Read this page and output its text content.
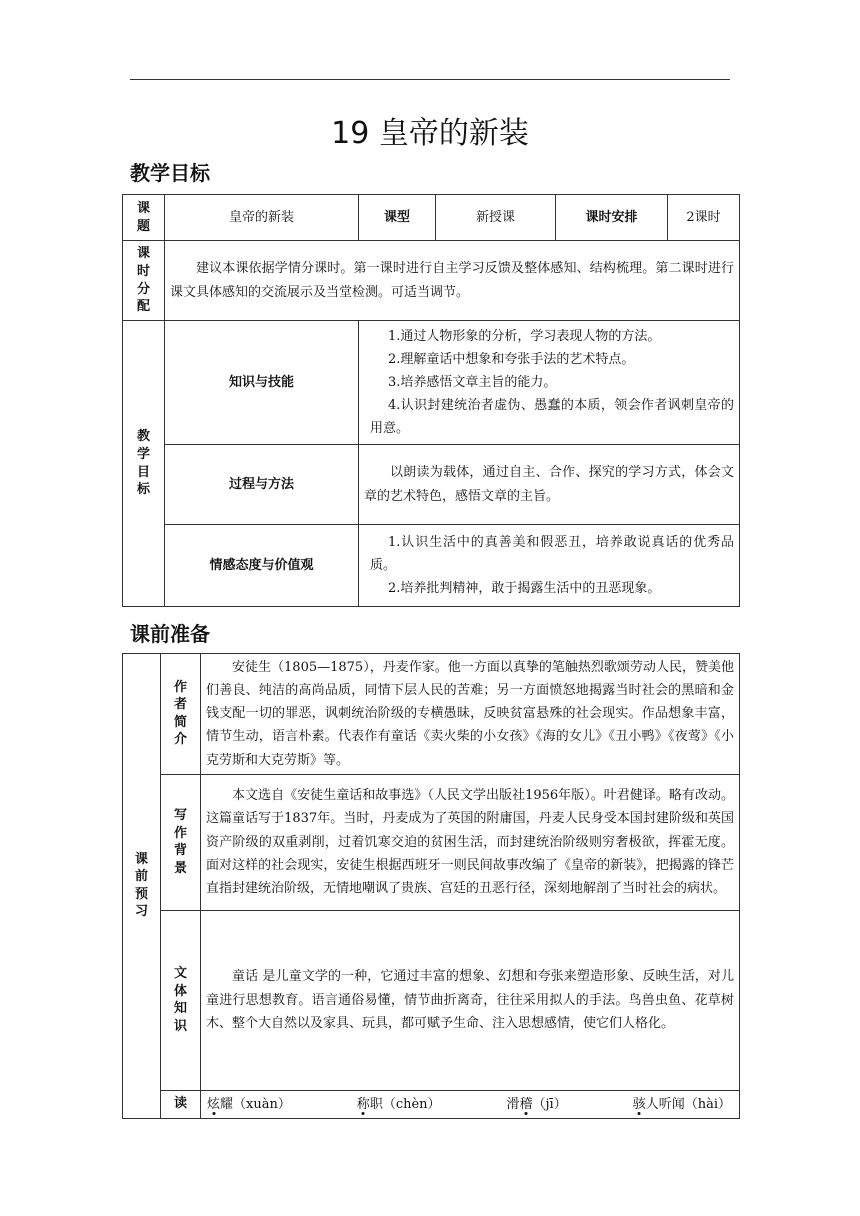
19 皇帝的新装
教学目标
课题	皇帝的新装	课型	新授课	课时安排	2课时

课时分配	建议本课依据学情分课时。第一课时进行自主学习反馈及整体感知、结构梳理。第二课时进行课文具体感知的交流展示及当堂检测。可适当调节。				

教学目标	知识与技能	1.通过人物形象的分析，学习表现人物的方法。
2.理解童话中想象和夸张手法的艺术特点。
3.培养感悟文章主旨的能力。
4.认识封建统治者虚伪、愚蠢的本质，领会作者讽刺皇帝的用意。			

	过程与方法	以朗读为载体，通过自主、合作、探究的学习方式，体会文章的艺术特色，感悟文章的主旨。			

	情感态度与价值观	1.认识生活中的真善美和假恶丑，培养敢说真话的优秀品质。
2.培养批判精神，敢于揭露生活中的丑恶现象。			
课前准备
课前预习	作者简介	安徒生（1805—1875），丹麦作家。他一方面以真挚的笔触热烈歌颂劳动人民，赞美他们善良、纯洁的高尚品质，同情下层人民的苦难；另一方面愤怒地揭露当时社会的黑暗和金钱支配一切的罪恶，讽刺统治阶级的专横愚昧，反映贫富悬殊的社会现实。作品想象丰富，情节生动，语言朴素。代表作有童话《卖火柴的小女孩》《海的女儿》《丑小鸭》《夜莺》《小克劳斯和大克劳斯》等。

	写作背景	本文选自《安徒生童话和故事选》（人民文学出版社1956年版）。叶君健译。略有改动。这篇童话写于1837年。当时，丹麦成为了英国的附庸国，丹麦人民身受本国封建阶级和英国资产阶级的双重剥削，过着饥寒交迫的贫困生活，而封建统治阶级则穷奢极欲，挥霍无度。面对这样的社会现实，安徒生根据西班牙一则民间故事改编了《皇帝的新装》，把揭露的锋芒直指封建统治阶级，无情地嘲讽了贵族、宫廷的丑恶行径，深刻地解剖了当时社会的病状。

	文体知识	童话 是儿童文学的一种，它通过丰富的想象、幻想和夸张来塑造形象、反映生活，对儿童进行思想教育。语言通俗易懂，情节曲折离奇，往往采用拟人的手法。鸟兽虫鱼、花草树木、整个大自然以及家具、玩具，都可赋予生命、注入思想感情，使它们人格化。

	读	炫耀（xuàn） 称职（chèn） 滑稽（jī） 骇人听闻（hài）
